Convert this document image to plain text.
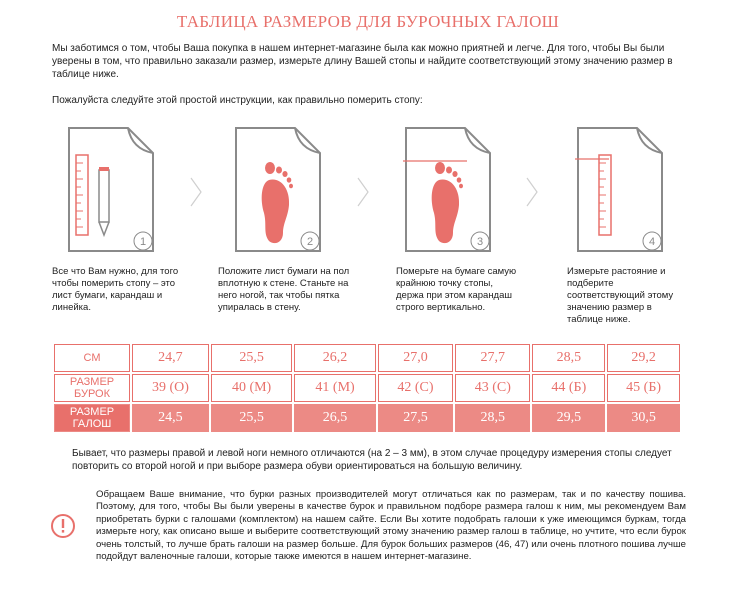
ТАБЛИЦА РАЗМЕРОВ ДЛЯ БУРОЧНЫХ ГАЛОШ
Мы заботимся о том, чтобы Ваша покупка в нашем интернет-магазине была как можно приятней и легче. Для того, чтобы Вы были уверены в том, что правильно заказали размер, измерьте длину Вашей стопы и найдите соответствующий этому значению размер в таблице ниже.
Пожалуйста следуйте этой простой инструкции, как правильно померить стопу:
1	2	3	4
Все что Вам нужно, для того чтобы померить стопу – это лист бумаги, карандаш и линейка.
Положите лист бумаги на пол вплотную к стене. Станьте на него ногой, так чтобы пятка упиралась в стену.
Померьте на бумаге самую крайнюю точку стопы, держа при этом карандаш строго вертикально.
Измерьте растояние и подберите соответствующий этому значению размер в таблице ниже.
СМ	24,7	25,5	26,2	27,0	27,7	28,5	29,2
РАЗМЕР БУРОК	39 (О)	40 (М)	41 (М)	42 (С)	43 (С)	44 (Б)	45 (Б)
РАЗМЕР ГАЛОШ	24,5	25,5	26,5	27,5	28,5	29,5	30,5
Бывает, что размеры правой и левой ноги немного отличаются (на 2 – 3 мм), в этом случае процедуру измерения стопы следует повторить со второй ногой и при выборе размера обуви ориентироваться на большую величину.
Обращаем Ваше внимание, что бурки разных производителей могут отличаться как по размерам, так и по качеству пошива. Поэтому, для того, чтобы Вы были уверены в качестве бурок и правильном подборе размера галош к ним, мы рекомендуем Вам приобретать бурки с галошами (комплектом) на нашем сайте. Если Вы хотите подобрать галоши к уже имеющимся буркам, тогда измерьте ногу, как описано выше и выберите соответствующий этому значению размер галош в таблице, но учтите, что если бурок очень толстый, то лучше брать галоши на размер больше. Для бурок больших размеров (46, 47) или очень плотного пошива лучше подойдут валеночные галоши, которые также имеются в нашем интернет-магазине.
